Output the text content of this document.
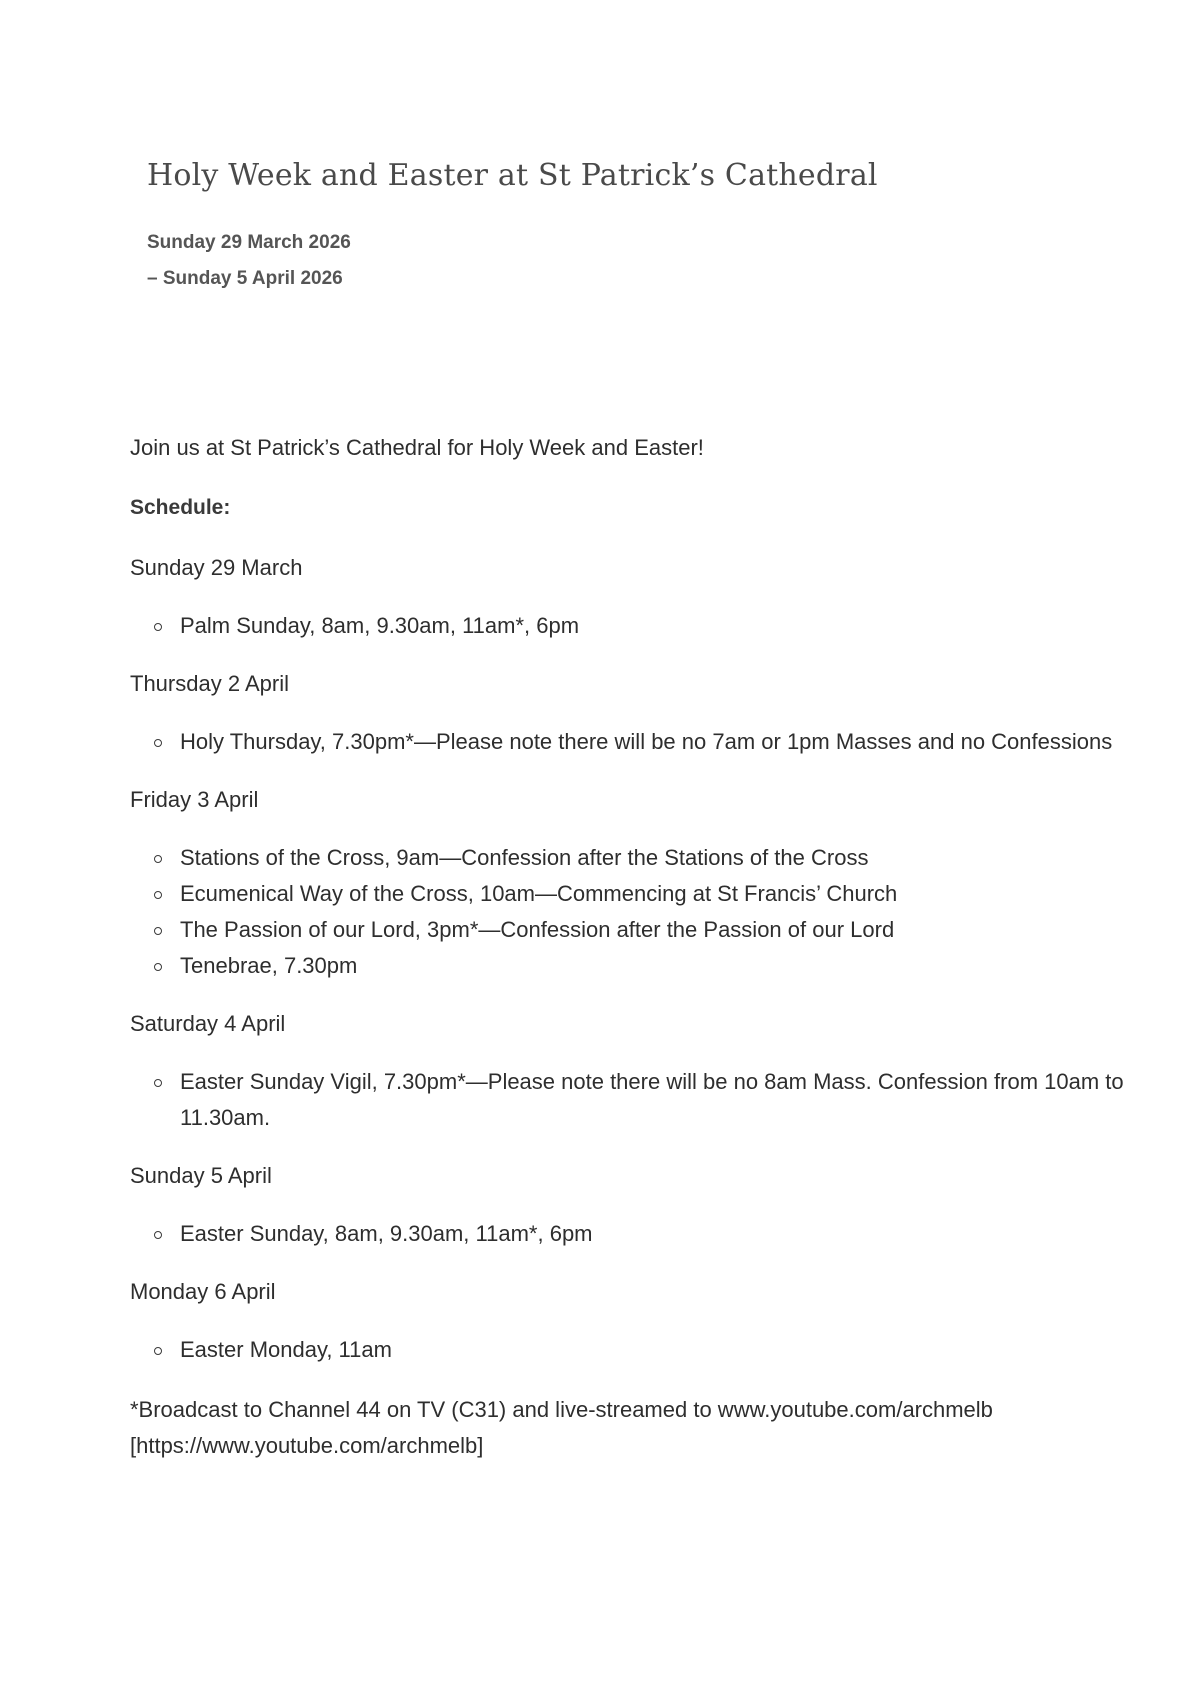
Holy Week and Easter at St Patrick’s Cathedral
Sunday 29 March 2026
– Sunday 5 April 2026

Join us at St Patrick’s Cathedral for Holy Week and Easter!

Schedule:

Sunday 29 March

Palm Sunday, 8am, 9.30am, 11am*, 6pm

Thursday 2 April

Holy Thursday, 7.30pm*—Please note there will be no 7am or 1pm Masses and no Confessions

Friday 3 April

Stations of the Cross, 9am—Confession after the Stations of the Cross
Ecumenical Way of the Cross, 10am—Commencing at St Francis’ Church
The Passion of our Lord, 3pm*—Confession after the Passion of our Lord
Tenebrae, 7.30pm

Saturday 4 April

Easter Sunday Vigil, 7.30pm*—Please note there will be no 8am Mass. Confession from 10am to 11.30am.

Sunday 5 April

Easter Sunday, 8am, 9.30am, 11am*, 6pm

Monday 6 April

Easter Monday, 11am

*Broadcast to Channel 44 on TV (C31) and live-streamed to www.youtube.com/archmelb [https://www.youtube.com/archmelb]
